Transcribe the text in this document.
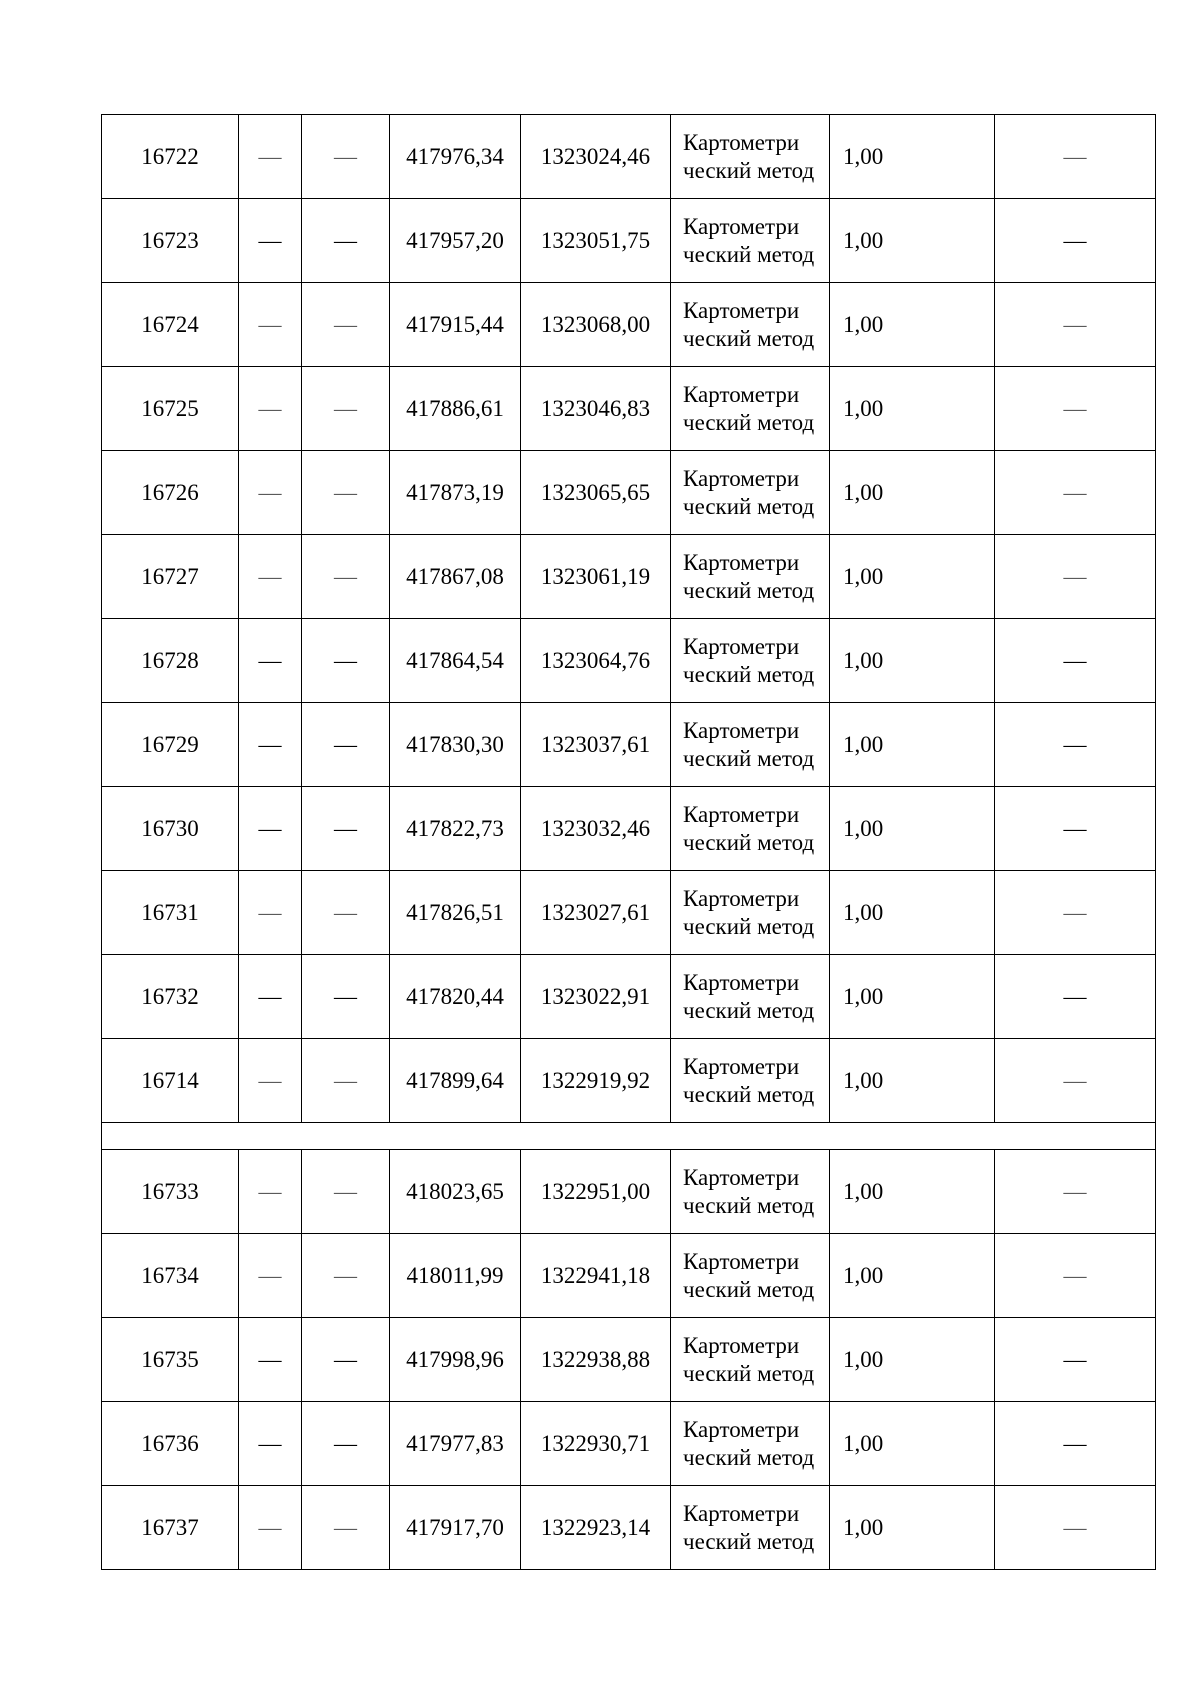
16722	—	—	417976,34	1323024,46	Картометри ческий метод	1,00	—
16723	—	—	417957,20	1323051,75	Картометри ческий метод	1,00	—
16724	—	—	417915,44	1323068,00	Картометри ческий метод	1,00	—
16725	—	—	417886,61	1323046,83	Картометри ческий метод	1,00	—
16726	—	—	417873,19	1323065,65	Картометри ческий метод	1,00	—
16727	—	—	417867,08	1323061,19	Картометри ческий метод	1,00	—
16728	—	—	417864,54	1323064,76	Картометри ческий метод	1,00	—
16729	—	—	417830,30	1323037,61	Картометри ческий метод	1,00	—
16730	—	—	417822,73	1323032,46	Картометри ческий метод	1,00	—
16731	—	—	417826,51	1323027,61	Картометри ческий метод	1,00	—
16732	—	—	417820,44	1323022,91	Картометри ческий метод	1,00	—
16714	—	—	417899,64	1322919,92	Картометри ческий метод	1,00	—

16733	—	—	418023,65	1322951,00	Картометри ческий метод	1,00	—
16734	—	—	418011,99	1322941,18	Картометри ческий метод	1,00	—
16735	—	—	417998,96	1322938,88	Картометри ческий метод	1,00	—
16736	—	—	417977,83	1322930,71	Картометри ческий метод	1,00	—
16737	—	—	417917,70	1322923,14	Картометри ческий метод	1,00	—
